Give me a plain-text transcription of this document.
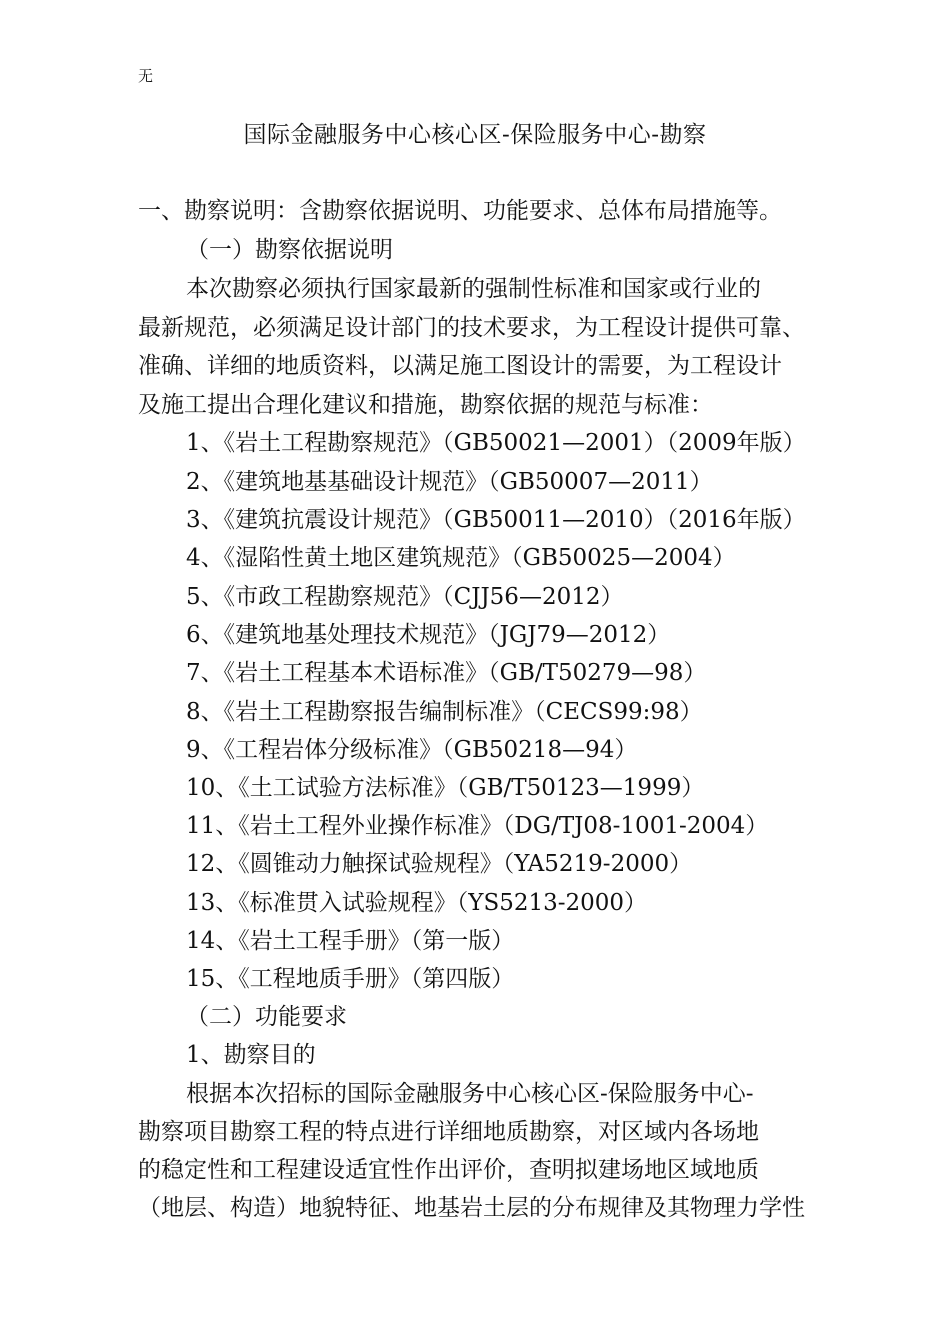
无
国际金融服务中心核心区-保险服务中心-勘察
一、勘察说明：含勘察依据说明、功能要求、总体布局措施等。
（一）勘察依据说明
本次勘察必须执行国家最新的强制性标准和国家或行业的
最新规范，必须满足设计部门的技术要求，为工程设计提供可靠、
准确、详细的地质资料，以满足施工图设计的需要，为工程设计
及施工提出合理化建议和措施，勘察依据的规范与标准：
1、《岩土工程勘察规范》（GB50021—2001）（2009年版）
2、《建筑地基基础设计规范》（GB50007—2011）
3、《建筑抗震设计规范》（GB50011—2010）（2016年版）
4、《湿陷性黄土地区建筑规范》（GB50025—2004）
5、《市政工程勘察规范》（CJJ56—2012）
6、《建筑地基处理技术规范》（JGJ79—2012）
7、《岩土工程基本术语标准》（GB/T50279—98）
8、《岩土工程勘察报告编制标准》（CECS99:98）
9、《工程岩体分级标准》（GB50218—94）
10、《土工试验方法标准》（GB/T50123—1999）
11、《岩土工程外业操作标准》（DG/TJ08-1001-2004）
12、《圆锥动力触探试验规程》（YA5219-2000）
13、《标准贯入试验规程》（YS5213-2000）
14、《岩土工程手册》（第一版）
15、《工程地质手册》（第四版）
（二）功能要求
1、勘察目的
根据本次招标的国际金融服务中心核心区-保险服务中心-
勘察项目勘察工程的特点进行详细地质勘察，对区域内各场地
的稳定性和工程建设适宜性作出评价，查明拟建场地区域地质
（地层、构造）地貌特征、地基岩土层的分布规律及其物理力学性
